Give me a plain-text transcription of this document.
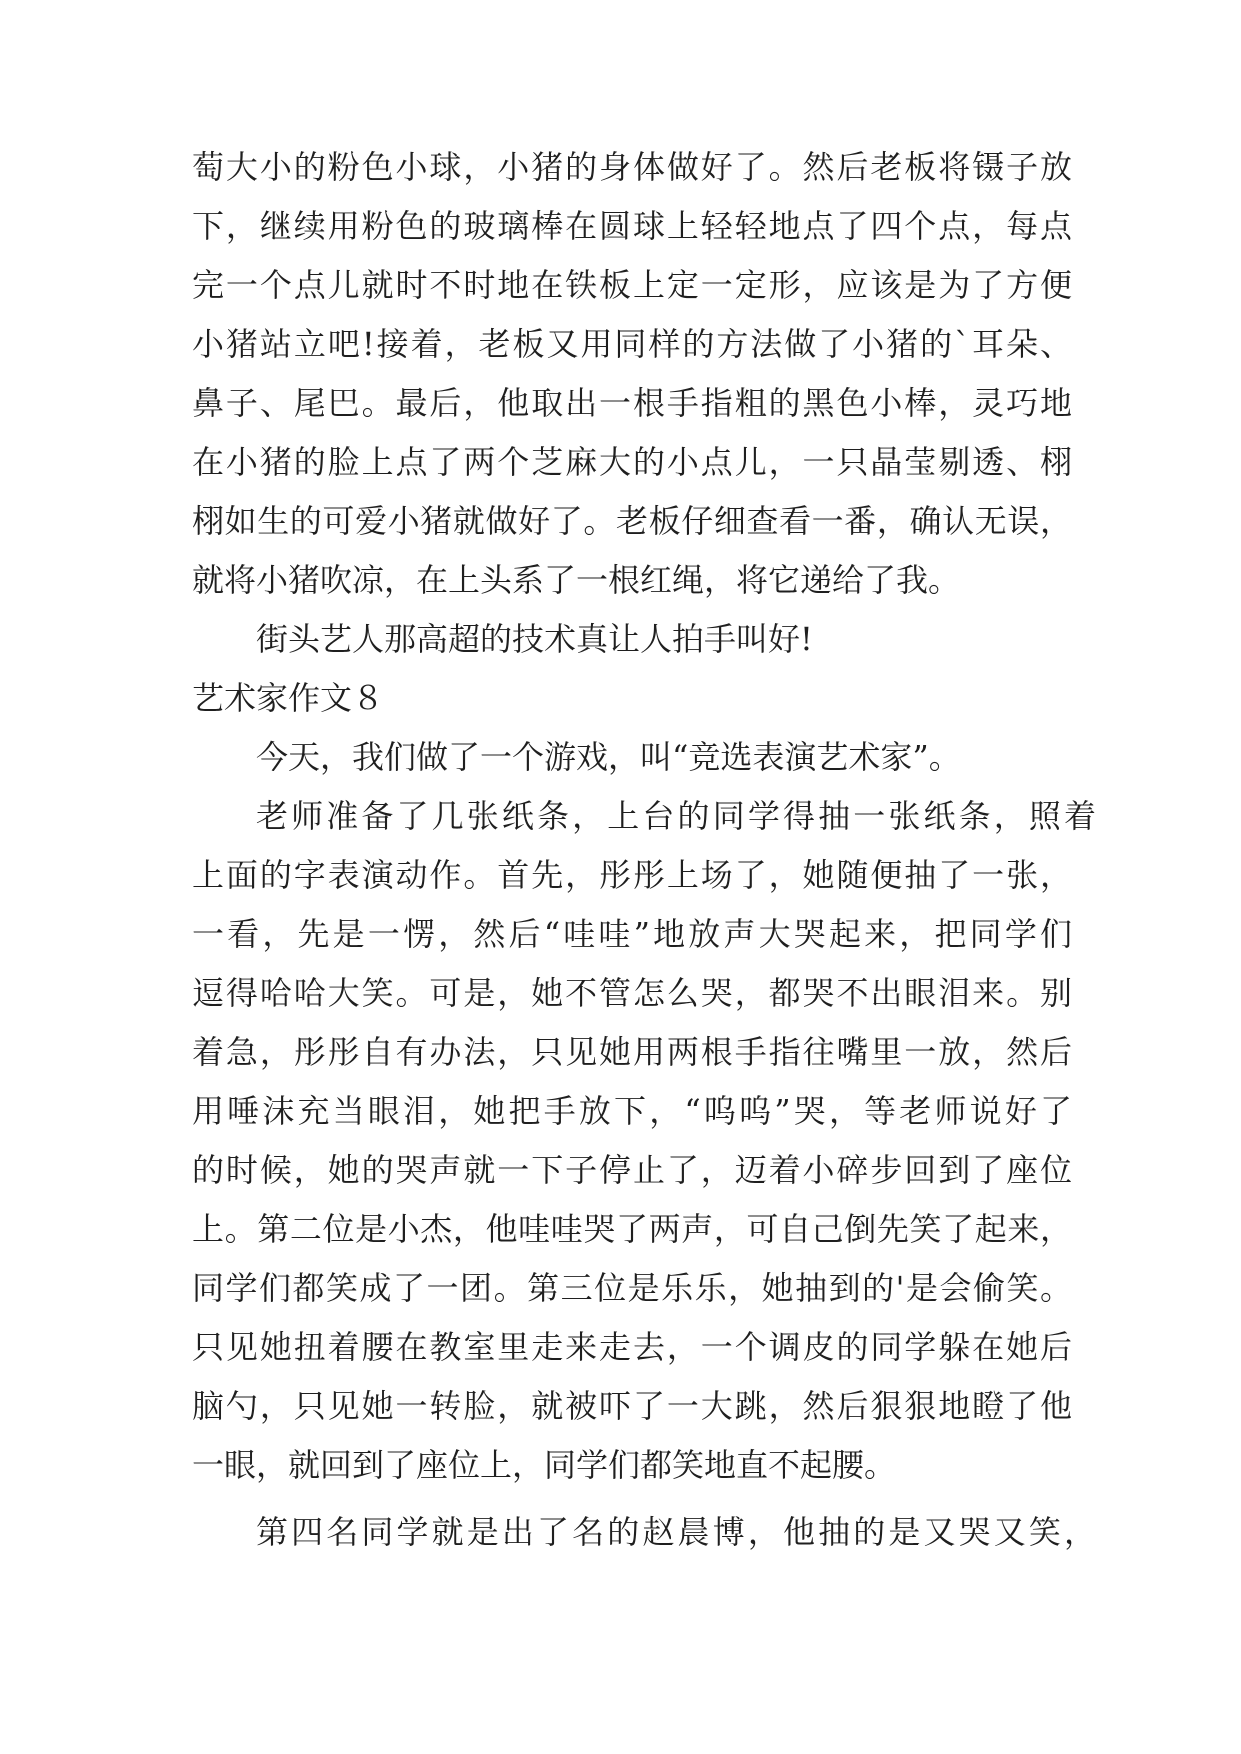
萄大小的粉色小球，小猪的身体做好了。然后老板将镊子放
下，继续用粉色的玻璃棒在圆球上轻轻地点了四个点，每点
完一个点儿就时不时地在铁板上定一定形，应该是为了方便
小猪站立吧!接着，老板又用同样的方法做了小猪的`耳朵、
鼻子、尾巴。最后，他取出一根手指粗的黑色小棒，灵巧地
在小猪的脸上点了两个芝麻大的小点儿，一只晶莹剔透、栩
栩如生的可爱小猪就做好了。老板仔细查看一番，确认无误，
就将小猪吹凉，在上头系了一根红绳，将它递给了我。
街头艺人那高超的技术真让人拍手叫好!
艺术家作文８
今天，我们做了一个游戏，叫“竞选表演艺术家”。
老师准备了几张纸条，上台的同学得抽一张纸条，照着
上面的字表演动作。首先，彤彤上场了，她随便抽了一张，
一看，先是一愣，然后“哇哇”地放声大哭起来，把同学们
逗得哈哈大笑。可是，她不管怎么哭，都哭不出眼泪来。别
着急，彤彤自有办法，只见她用两根手指往嘴里一放，然后
用唾沫充当眼泪，她把手放下，“呜呜”哭，等老师说好了
的时候，她的哭声就一下子停止了，迈着小碎步回到了座位
上。第二位是小杰，他哇哇哭了两声，可自己倒先笑了起来，
同学们都笑成了一团。第三位是乐乐，她抽到的'是会偷笑。
只见她扭着腰在教室里走来走去，一个调皮的同学躲在她后
脑勺，只见她一转脸，就被吓了一大跳，然后狠狠地瞪了他
一眼，就回到了座位上，同学们都笑地直不起腰。
第四名同学就是出了名的赵晨博，他抽的是又哭又笑，
